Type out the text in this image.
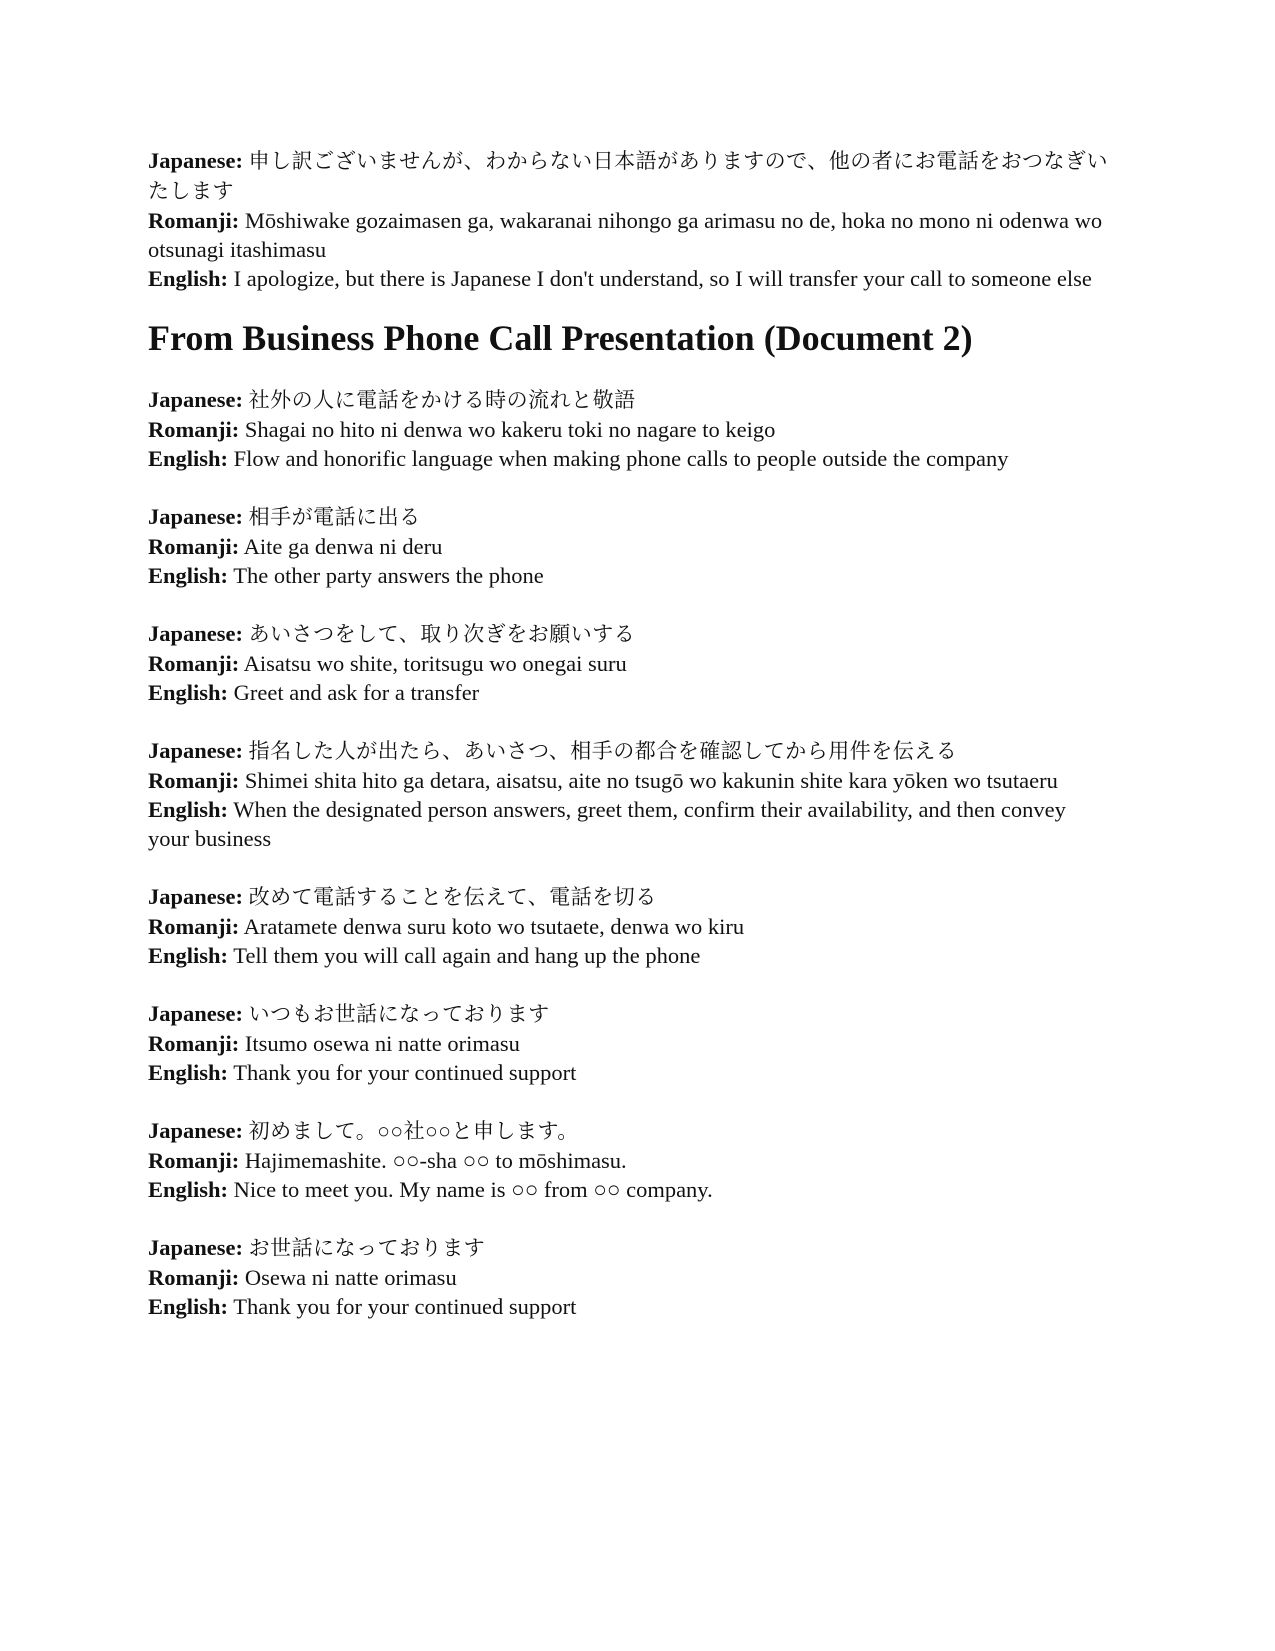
Japanese: 申し訳ございませんが、わからない日本語がありますので、他の者にお電話をおつなぎいたします
Romanji: Mōshiwake gozaimasen ga, wakaranai nihongo ga arimasu no de, hoka no mono ni odenwa wo otsunagi itashimasu
English: I apologize, but there is Japanese I don't understand, so I will transfer your call to someone else
From Business Phone Call Presentation (Document 2)
Japanese: 社外の人に電話をかける時の流れと敬語
Romanji: Shagai no hito ni denwa wo kakeru toki no nagare to keigo
English: Flow and honorific language when making phone calls to people outside the company
Japanese: 相手が電話に出る
Romanji: Aite ga denwa ni deru
English: The other party answers the phone
Japanese: あいさつをして、取り次ぎをお願いする
Romanji: Aisatsu wo shite, toritsugu wo onegai suru
English: Greet and ask for a transfer
Japanese: 指名した人が出たら、あいさつ、相手の都合を確認してから用件を伝える
Romanji: Shimei shita hito ga detara, aisatsu, aite no tsugō wo kakunin shite kara yōken wo tsutaeru
English: When the designated person answers, greet them, confirm their availability, and then convey your business
Japanese: 改めて電話することを伝えて、電話を切る
Romanji: Aratamete denwa suru koto wo tsutaete, denwa wo kiru
English: Tell them you will call again and hang up the phone
Japanese: いつもお世話になっております
Romanji: Itsumo osewa ni natte orimasu
English: Thank you for your continued support
Japanese: 初めまして。○○社○○と申します。
Romanji: Hajimemashite. ○○-sha ○○ to mōshimasu.
English: Nice to meet you. My name is ○○ from ○○ company.
Japanese: お世話になっております
Romanji: Osewa ni natte orimasu
English: Thank you for your continued support
